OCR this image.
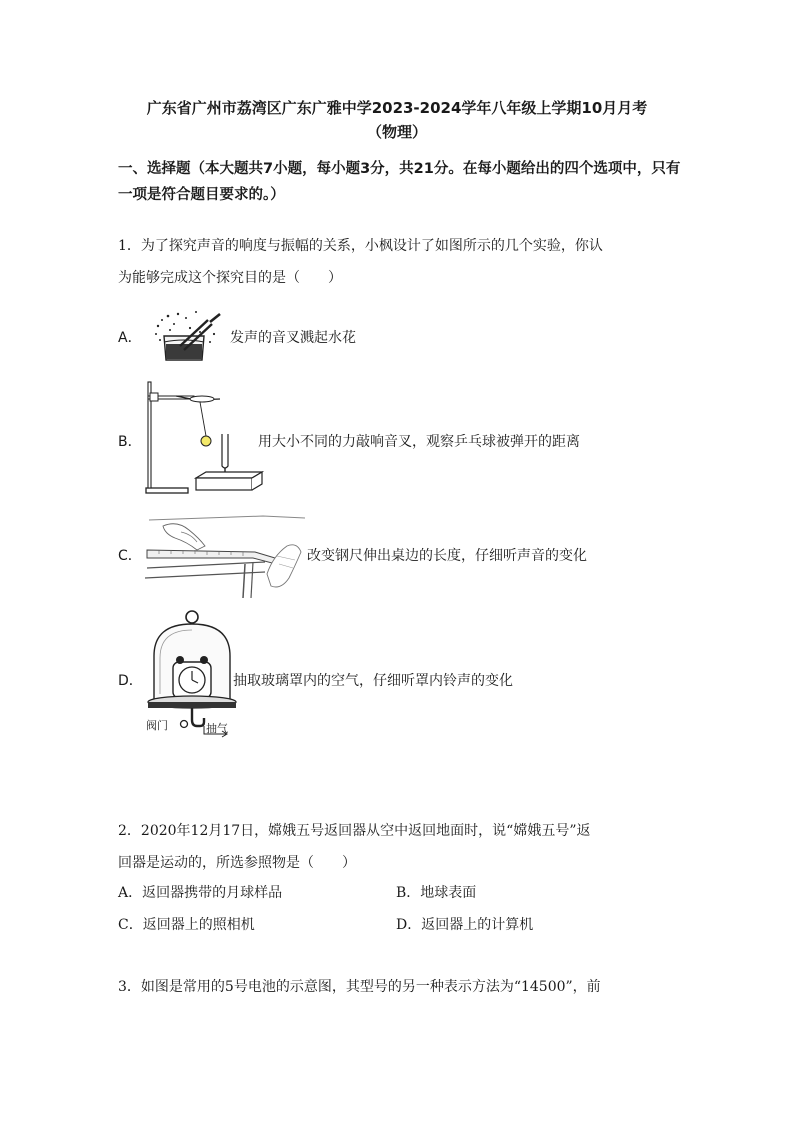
广东省广州市荔湾区广东广雅中学2023-2024学年八年级上学期10月月考
（物理）
一、选择题（本大题共7小题，每小题3分，共21分。在每小题给出的四个选项中，只有一项是符合题目要求的。）
1．为了探究声音的响度与振幅的关系，小枫设计了如图所示的几个实验，你认
为能够完成这个探究目的是（　　）
A．	发声的音叉溅起水花
B．	用大小不同的力敲响音叉，观察乒乓球被弹开的距离
C．	改变钢尺伸出桌边的长度，仔细听声音的变化
D．
阀门	抽气
抽取玻璃罩内的空气，仔细听罩内铃声的变化
2．2020年12月17日，嫦娥五号返回器从空中返回地面时，说“嫦娥五号”返
回器是运动的，所选参照物是（　　）
A．返回器携带的月球样品	B．地球表面
C．返回器上的照相机	D．返回器上的计算机
3．如图是常用的5号电池的示意图，其型号的另一种表示方法为“14500”，前
